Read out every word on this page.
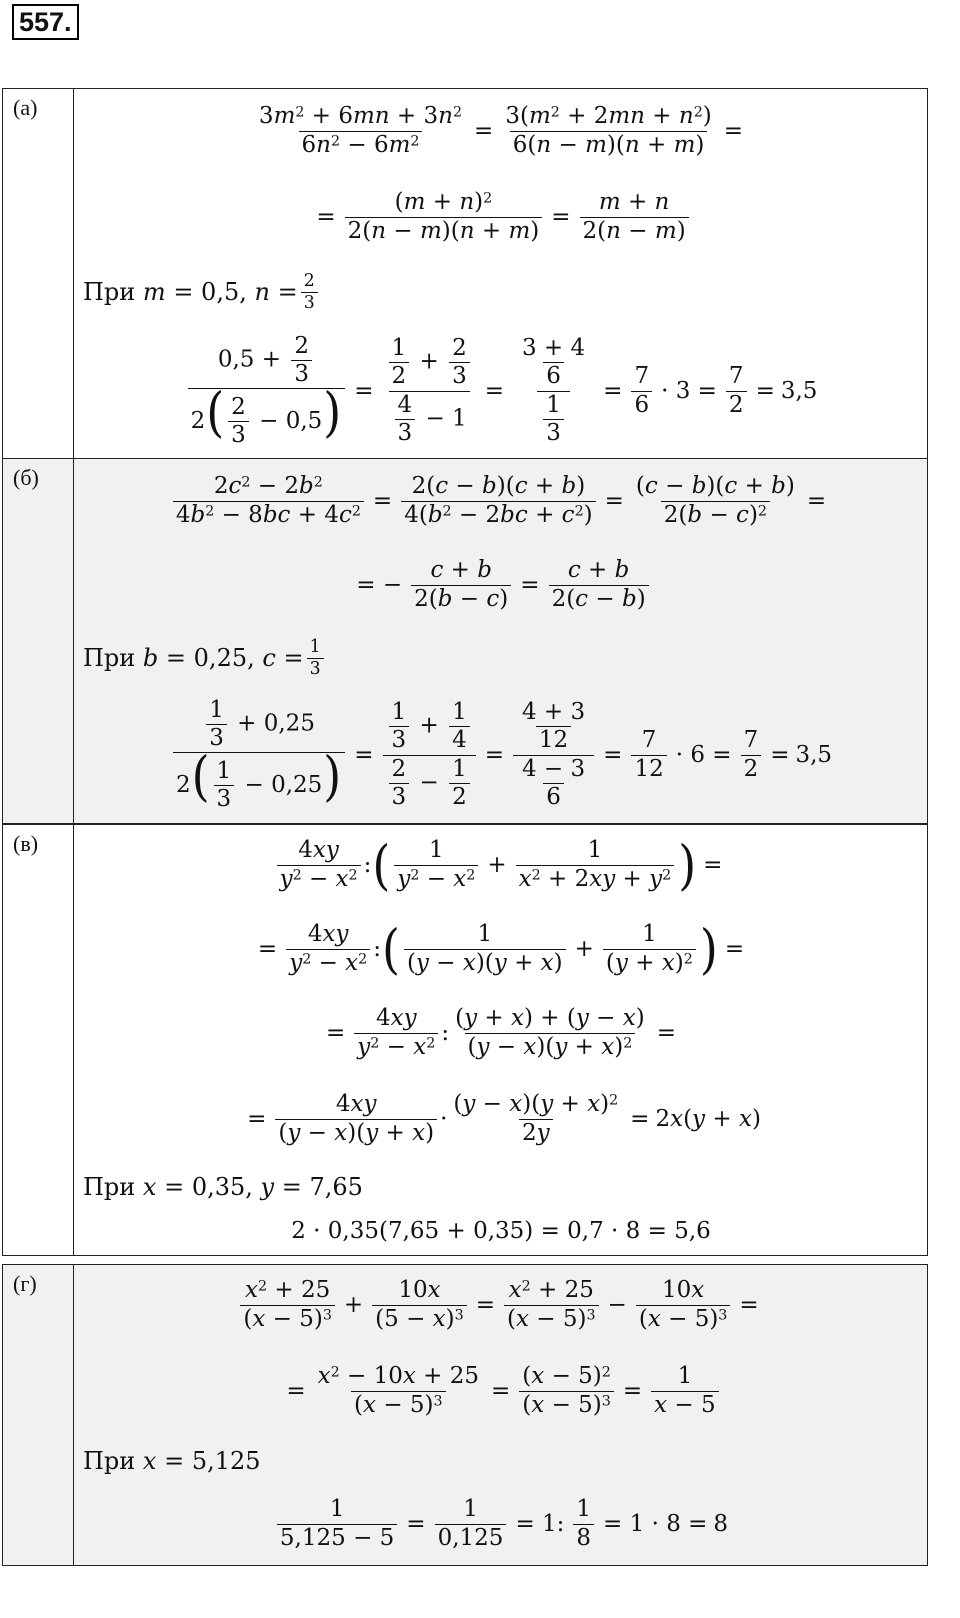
557.
(а)	$\frac{3m^2 + 6mn + 3n^2}{6n^2 - 6m^2} = \frac{3(m^2 + 2mn + n^2)}{6(n - m)(n + m)}$ =
= $\frac{(m + n)^2}{2(n - m)(n + m)} = \frac{m + n}{2(n - m)}$
При m = 0,5, $n = \frac{2}{3}$
$\frac{0,5 + \frac{2}{3}}{2( \frac{2}{3} - 0,5)} = \frac{\frac{1}{2} + \frac{2}{3}}{\frac{4}{3} - 1} = \frac{\frac{3 + 4}{6}}{\frac{1}{3}} = \frac{7}{6} \cdot 3 = \frac{7}{2} = 3,5$
(б)	$\frac{2c^2 - 2b^2}{4b^2 - 8bc + 4c^2} = \frac{2(c - b)(c + b)}{4(b^2 - 2bc + c^2)} = \frac{(c - b)(c + b)}{2(b - c)^2}$ =
= − $\frac{c + b}{2(b - c)} = \frac{c + b}{2(c - b)}$
При b = 0,25, $c = \frac{1}{3}$
$\frac{\frac{1}{3} + 0,25}{2( \frac{1}{3} - 0,25)} = \frac{\frac{1}{3} + \frac{1}{4}}{\frac{2}{3} - \frac{1}{2}} = \frac{\frac{4 + 3}{12}}{\frac{4 - 3}{6}} = \frac{7}{12} \cdot 6 = \frac{7}{2} = 3,5$
(в)	4xy
$y^2 - x^2$ : ( 1
$y^2 - x^2 + \frac{1}{x^2 + 2xy + y^2}$ ) =
= $\frac{4xy}{y^2 - x^2}$ : (	1
(y − x)(y + x)
+ $\frac{1}{(y + x)^2}$ ) =
= $\frac{4xy}{y^2 - x^2}$ : $\frac{(y + x) + (y - x)}{(y - x)(y + x)^2}$ =
= $\frac{4xy}{(y - x)(y + x)} \cdot \frac{(y - x)(y + x)^2}{2y} = 2x(y + x)$
При x = 0,35, y = 7,65
2 · 0,35(7,65 + 0,35) = 0,7 · 8 = 5,6
(г)	$x^2 + 25$
$(x - 5)^3 + \frac{10x}{(5 - x)^3} = \frac{x^2 + 25}{(x - 5)^3} - \frac{10x}{(x - 5)^3}$ =
= $\frac{x^2 - 10x + 25}{(x - 5)^3} = \frac{(x - 5)^2}{(x - 5)^3} = \frac{1}{x - 5}$
При x = 5,125
$\frac{1}{5,125 - 5} = \frac{1}{0,125} = 1$: $\frac{1}{8} = 1 \cdot 8 = 8$
